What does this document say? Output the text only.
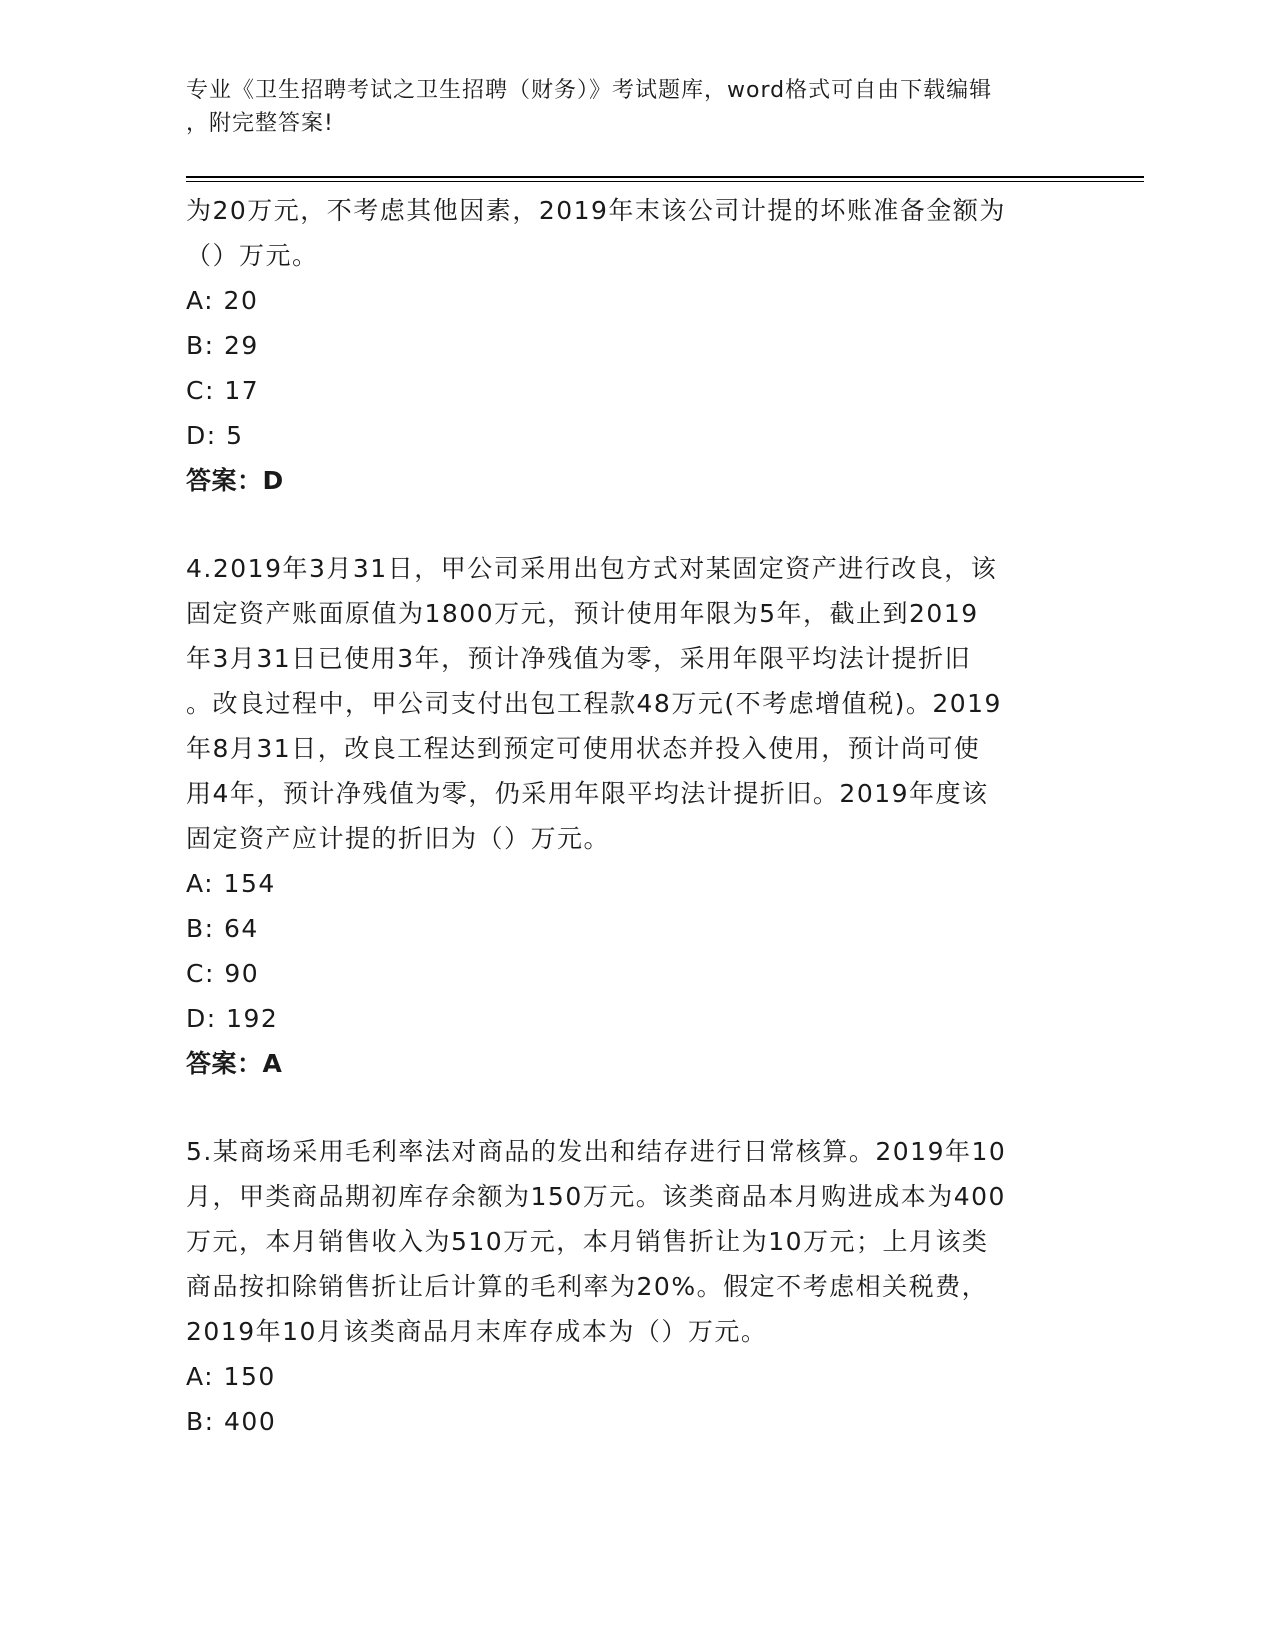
专业《卫生招聘考试之卫生招聘（财务）》考试题库，word格式可自由下载编辑
，附完整答案!
为20万元，不考虑其他因素，2019年末该公司计提的坏账准备金额为
（）万元。
A: 20
B: 29
C: 17
D: 5
答案：D
4.2019年3月31日，甲公司采用出包方式对某固定资产进行改良，该
固定资产账面原值为1800万元，预计使用年限为5年，截止到2019
年3月31日已使用3年，预计净残值为零，采用年限平均法计提折旧
。改良过程中，甲公司支付出包工程款48万元(不考虑增值税)。2019
年8月31日，改良工程达到预定可使用状态并投入使用，预计尚可使
用4年，预计净残值为零，仍采用年限平均法计提折旧。2019年度该
固定资产应计提的折旧为（）万元。
A: 154
B: 64
C: 90
D: 192
答案：A
5.某商场采用毛利率法对商品的发出和结存进行日常核算。2019年10
月，甲类商品期初库存余额为150万元。该类商品本月购进成本为400
万元，本月销售收入为510万元，本月销售折让为10万元；上月该类
商品按扣除销售折让后计算的毛利率为20%。假定不考虑相关税费，
2019年10月该类商品月末库存成本为（）万元。
A: 150
B: 400
